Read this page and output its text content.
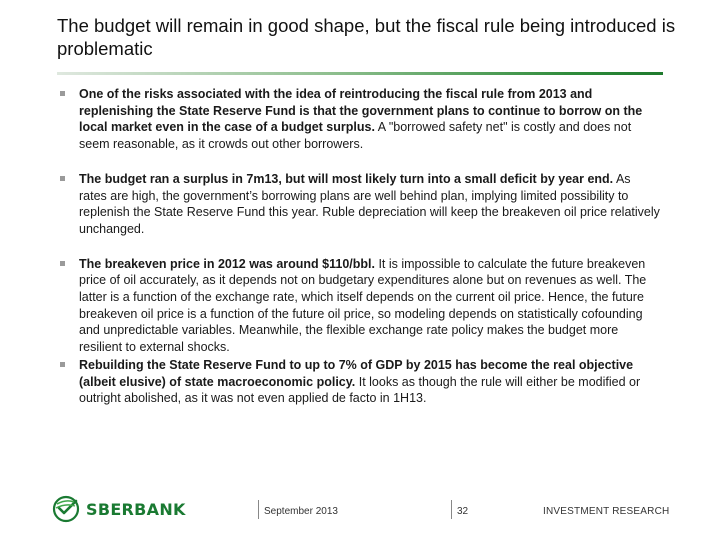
The budget will remain in good shape, but the fiscal rule being introduced is problematic
One of the risks associated with the idea of reintroducing the fiscal rule from 2013 and replenishing the State Reserve Fund is that the government plans to continue to borrow on the local market even in the case of a budget surplus. A "borrowed safety net" is costly and does not seem reasonable, as it crowds out other borrowers.
The budget ran a surplus in 7m13, but will most likely turn into a small deficit by year end. As rates are high, the government’s borrowing plans are well behind plan, implying limited possibility to replenish the State Reserve Fund this year. Ruble depreciation will keep the breakeven oil price relatively unchanged.
The breakeven price in 2012 was around $110/bbl. It is impossible to calculate the future breakeven price of oil accurately, as it depends not on budgetary expenditures alone but on revenues as well. The latter is a function of the exchange rate, which itself depends on the current oil price. Hence, the future breakeven oil price is a function of the future oil price, so modeling depends on statistically cofounding and unpredictable variables. Meanwhile, the flexible exchange rate policy makes the budget more resilient to external shocks.
Rebuilding the State Reserve Fund to up to 7% of GDP by 2015 has become the real objective (albeit elusive) of state macroeconomic policy. It looks as though the rule will either be modified or outright abolished, as it was not even applied de facto in 1H13.
SBERBANK	September 2013	32	INVESTMENT RESEARCH
